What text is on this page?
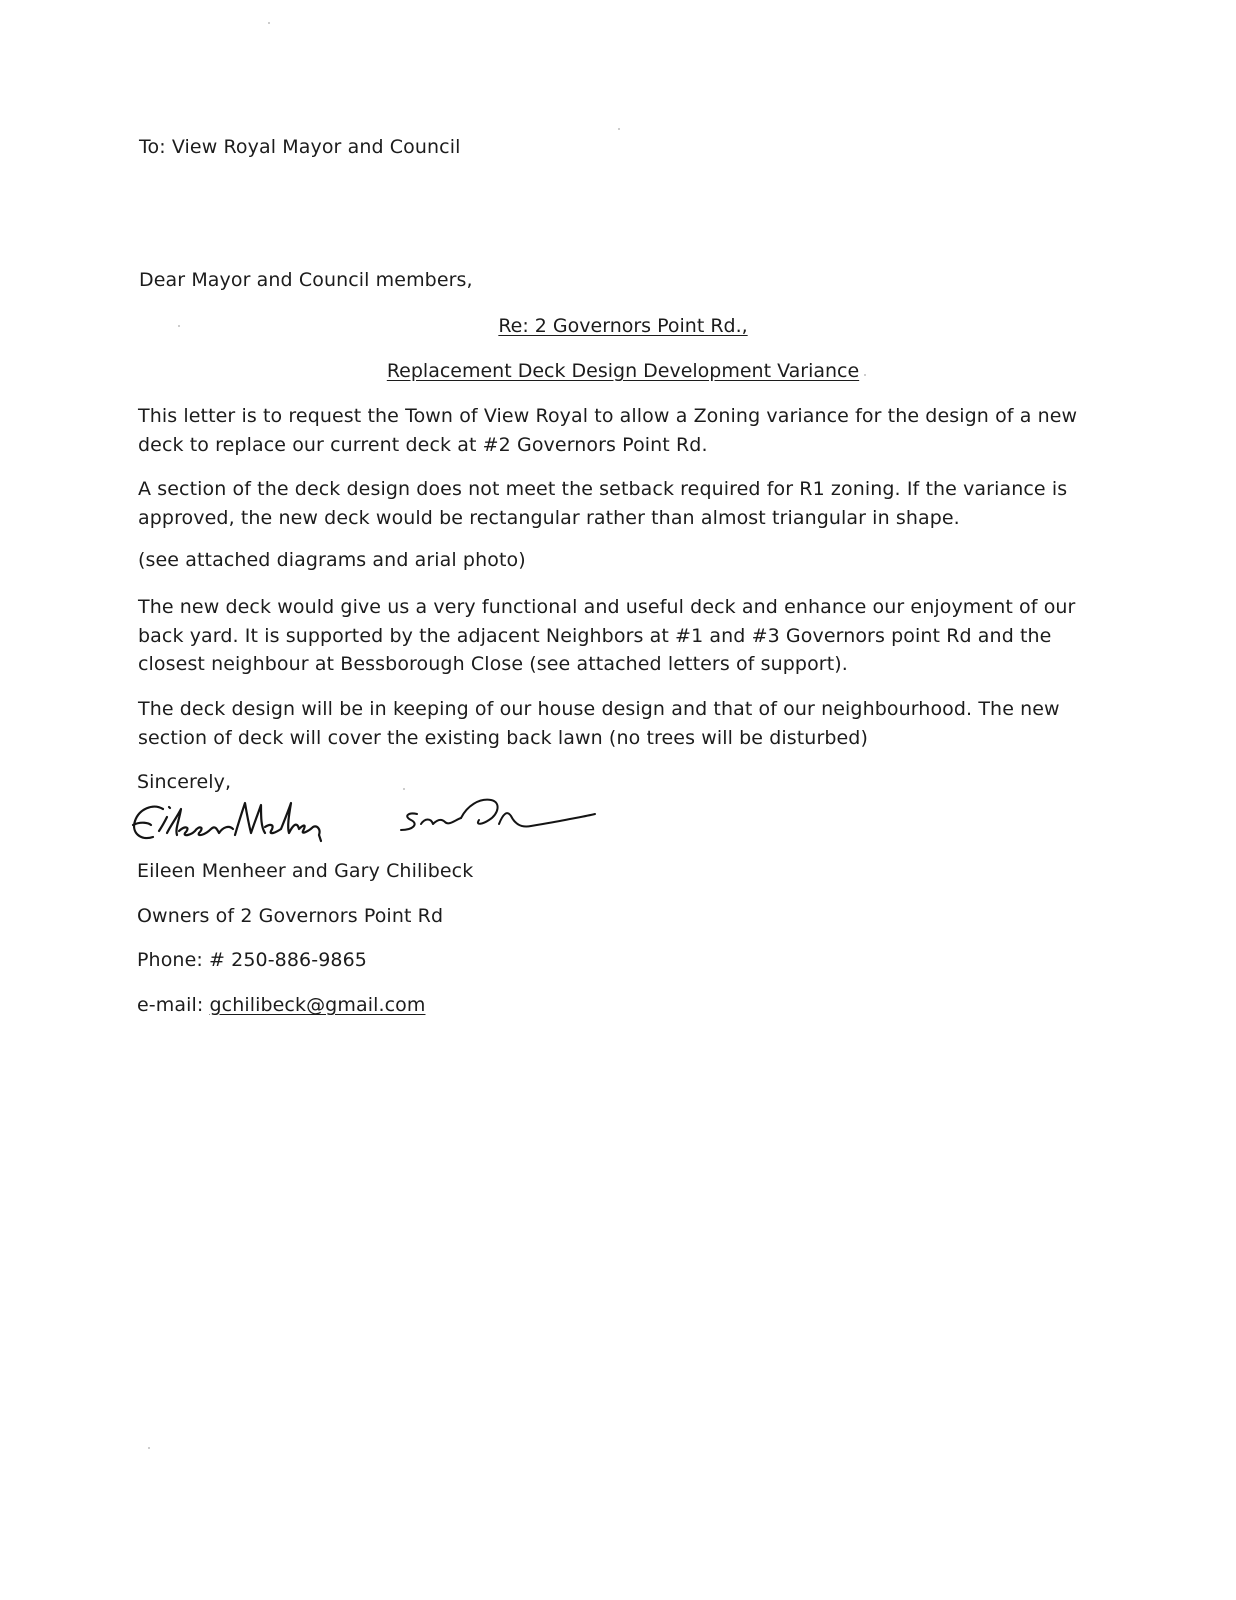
To: View Royal Mayor and Council
Dear Mayor and Council members,
Re: 2 Governors Point Rd.,
Replacement Deck Design Development Variance
This letter is to request the Town of View Royal to allow a Zoning variance for the design of a new deck to replace our current deck at #2 Governors Point Rd.
A section of the deck design does not meet the setback required for R1 zoning. If the variance is approved, the new deck would be rectangular rather than almost triangular in shape.
(see attached diagrams and arial photo)
The new deck would give us a very functional and useful deck and enhance our enjoyment of our back yard. It is supported by the adjacent Neighbors at #1 and #3 Governors point Rd and the closest neighbour at Bessborough Close (see attached letters of support).
The deck design will be in keeping of our house design and that of our neighbourhood. The new section of deck will cover the existing back lawn (no trees will be disturbed)
Sincerely,
Eileen Menheer and Gary Chilibeck
Owners of 2 Governors Point Rd
Phone: # 250-886-9865
e-mail: gchilibeck@gmail.com
